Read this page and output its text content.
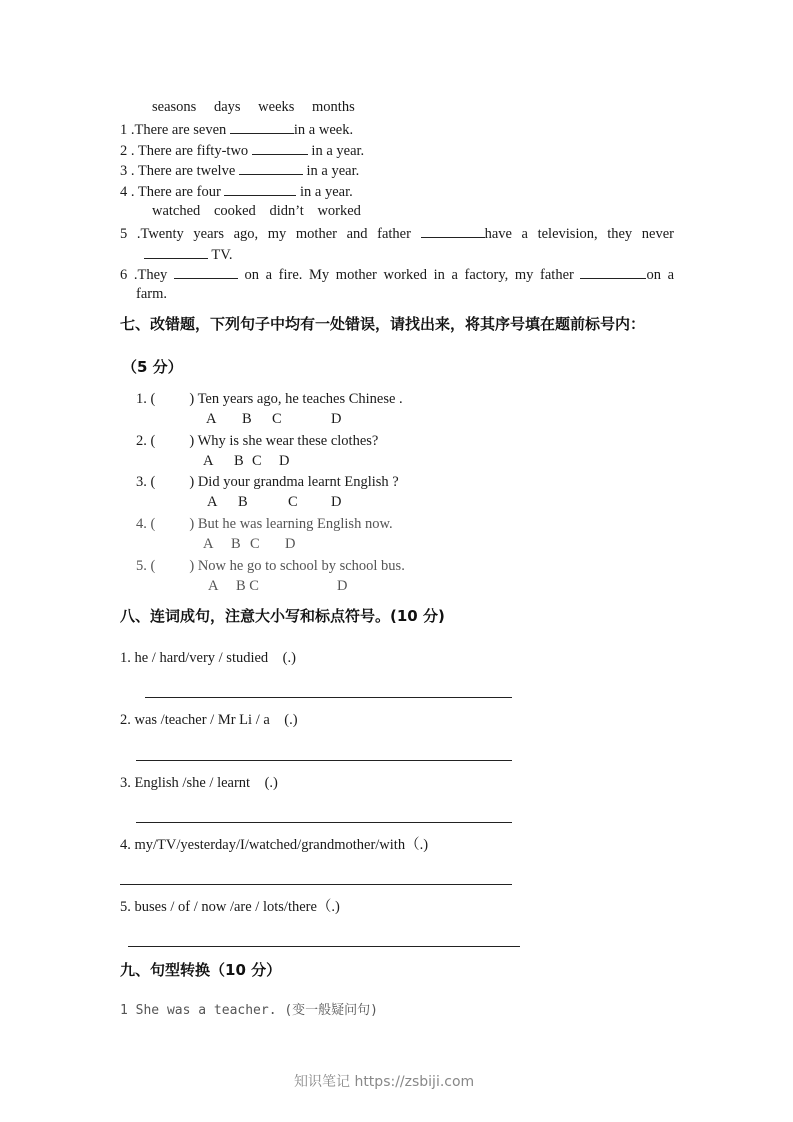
seasons days weeks months
1 .There are seven	in a week.
2 . There are fifty-two	in a year.
3 . There are twelve	in a year.
4 . There are four	in a year.
watched cooked didn’t worked
5 .Twenty years ago, my mother and father	have a television, they never
TV.
6 .They	on a fire. My mother worked in a factory, my father	on a
farm.
七、改错题，下列句子中均有一处错误，请找出来，将其序号填在题前标号内：
（5 分）
1. ( ) Ten years ago, he teaches Chinese .
A B C	D
2. ( ) Why is she wear these clothes?
A B C D
3. ( ) Did your grandma learnt English ?
A B	C D
4. ( ) But he was learning English now.
A B C D
5. ( ) Now he go to school by school bus.
A B C	D
八、连词成句，注意大小写和标点符号。(10 分)
1. he / hard/very / studied　(.)
2. was /teacher / Mr Li / a　(.)
3. English /she / learnt　(.)
4. my/TV/yesterday/I/watched/grandmother/with（.)
5. buses / of / now /are / lots/there（.)
九、句型转换（10 分）
1 She was a teacher. (变一般疑问句)
知识笔记 https://zsbiji.com
